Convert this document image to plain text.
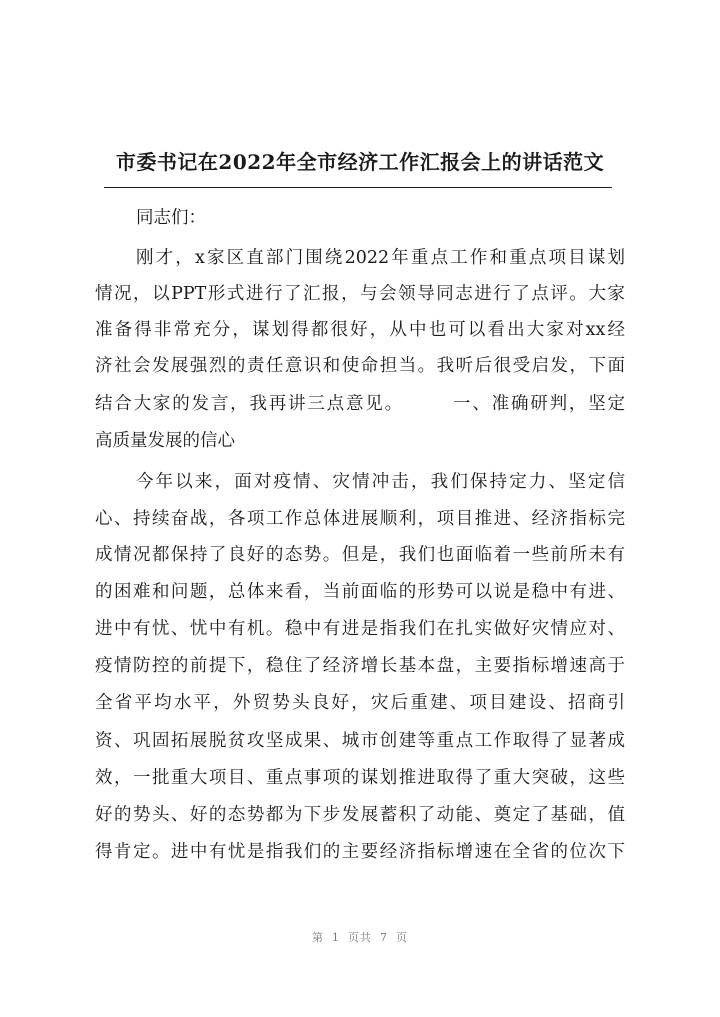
市委书记在2022年全市经济工作汇报会上的讲话范文
同志们：
刚才，x家区直部门围绕2022年重点工作和重点项目谋划
情况，以PPT形式进行了汇报，与会领导同志进行了点评。大家
准备得非常充分，谋划得都很好，从中也可以看出大家对xx经
济社会发展强烈的责任意识和使命担当。我听后很受启发，下面
结合大家的发言，我再讲三点意见。　　　一、准确研判，坚定
高质量发展的信心
今年以来，面对疫情、灾情冲击，我们保持定力、坚定信
心、持续奋战，各项工作总体进展顺利，项目推进、经济指标完
成情况都保持了良好的态势。但是，我们也面临着一些前所未有
的困难和问题，总体来看，当前面临的形势可以说是稳中有进、
进中有忧、忧中有机。稳中有进是指我们在扎实做好灾情应对、
疫情防控的前提下，稳住了经济增长基本盘，主要指标增速高于
全省平均水平，外贸势头良好，灾后重建、项目建设、招商引
资、巩固拓展脱贫攻坚成果、城市创建等重点工作取得了显著成
效，一批重大项目、重点事项的谋划推进取得了重大突破，这些
好的势头、好的态势都为下步发展蓄积了动能、奠定了基础，值
得肯定。进中有忧是指我们的主要经济指标增速在全省的位次下
第 1 页共 7 页
